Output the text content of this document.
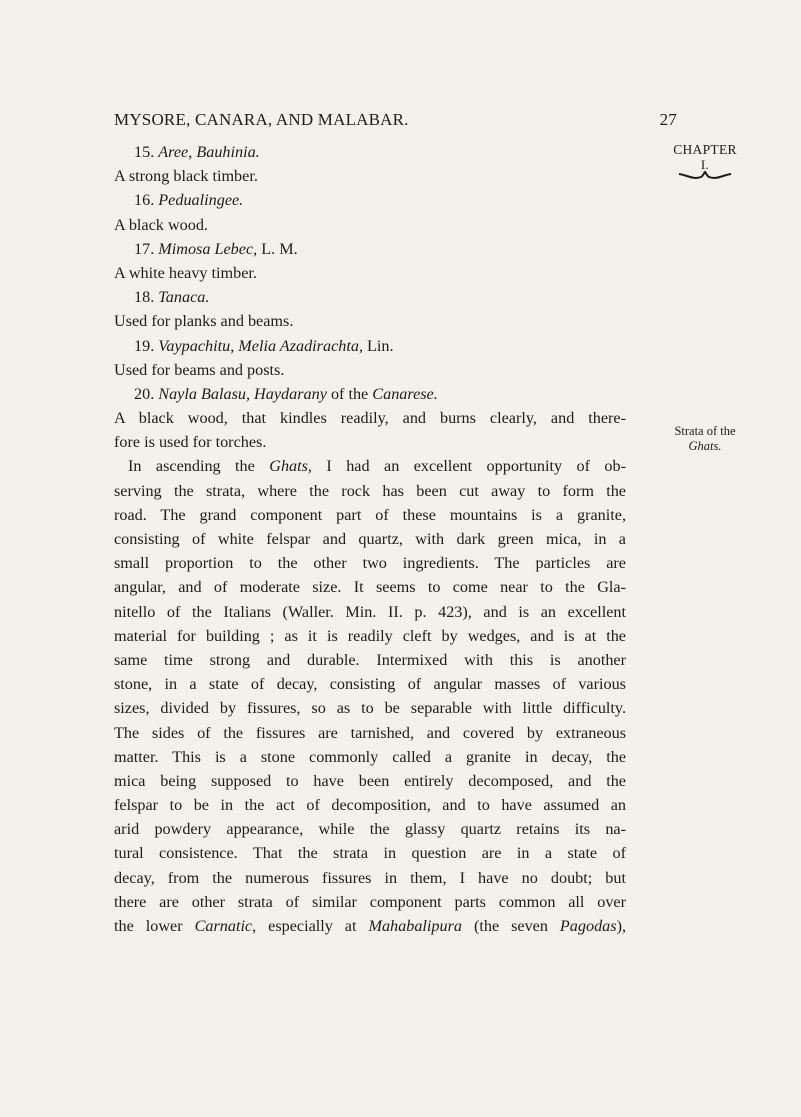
MYSORE, CANARA, AND MALABAR.	27
CHAPTER
I.
Strata of the
Ghats.
15. Aree, Bauhinia.
A strong black timber.
16. Pedualingee.
A black wood.
17. Mimosa Lebec, L. M.
A white heavy timber.
18. Tanaca.
Used for planks and beams.
19. Vaypachitu, Melia Azadirachta, Lin.
Used for beams and posts.
20. Nayla Balasu, Haydarany of the Canarese.
A black wood, that kindles readily, and burns clearly, and there-
fore is used for torches.
In ascending the Ghats, I had an excellent opportunity of ob-
serving the strata, where the rock has been cut away to form the
road. The grand component part of these mountains is a granite,
consisting of white felspar and quartz, with dark green mica, in a
small proportion to the other two ingredients. The particles are
angular, and of moderate size. It seems to come near to the Gla-
nitello of the Italians (Waller. Min. II. p. 423), and is an excellent
material for building ; as it is readily cleft by wedges, and is at the
same time strong and durable. Intermixed with this is another
stone, in a state of decay, consisting of angular masses of various
sizes, divided by fissures, so as to be separable with little difficulty.
The sides of the fissures are tarnished, and covered by extraneous
matter. This is a stone commonly called a granite in decay, the
mica being supposed to have been entirely decomposed, and the
felspar to be in the act of decomposition, and to have assumed an
arid powdery appearance, while the glassy quartz retains its na-
tural consistence. That the strata in question are in a state of
decay, from the numerous fissures in them, I have no doubt; but
there are other strata of similar component parts common all over
the lower Carnatic, especially at Mahabalipura (the seven Pagodas),
